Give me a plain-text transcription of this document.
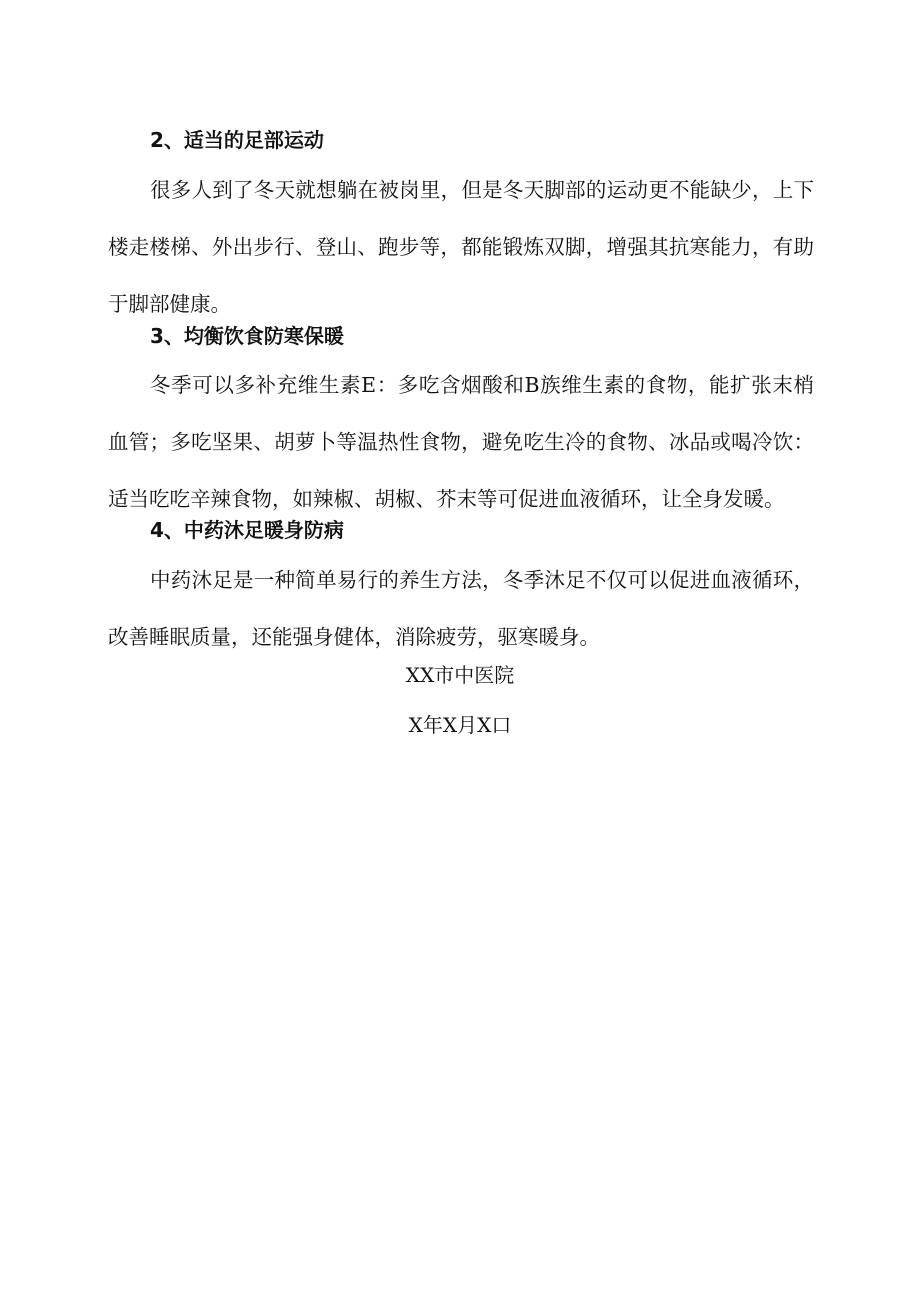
2、适当的足部运动
很多人到了冬天就想躺在被岗里，但是冬天脚部的运动更不能缺少，上下楼走楼梯、外出步行、登山、跑步等，都能锻炼双脚，增强其抗寒能力，有助于脚部健康。
3、均衡饮食防寒保暖
冬季可以多补充维生素E：多吃含烟酸和B族维生素的食物，能扩张末梢血管；多吃坚果、胡萝卜等温热性食物，避免吃生冷的食物、冰品或喝冷饮：适当吃吃辛辣食物，如辣椒、胡椒、芥末等可促进血液循环，让全身发暖。
4、中药沐足暖身防病
中药沐足是一种简单易行的养生方法，冬季沐足不仅可以促进血液循环，改善睡眠质量，还能强身健体，消除疲劳，驱寒暖身。
XX市中医院
X年X月X口
